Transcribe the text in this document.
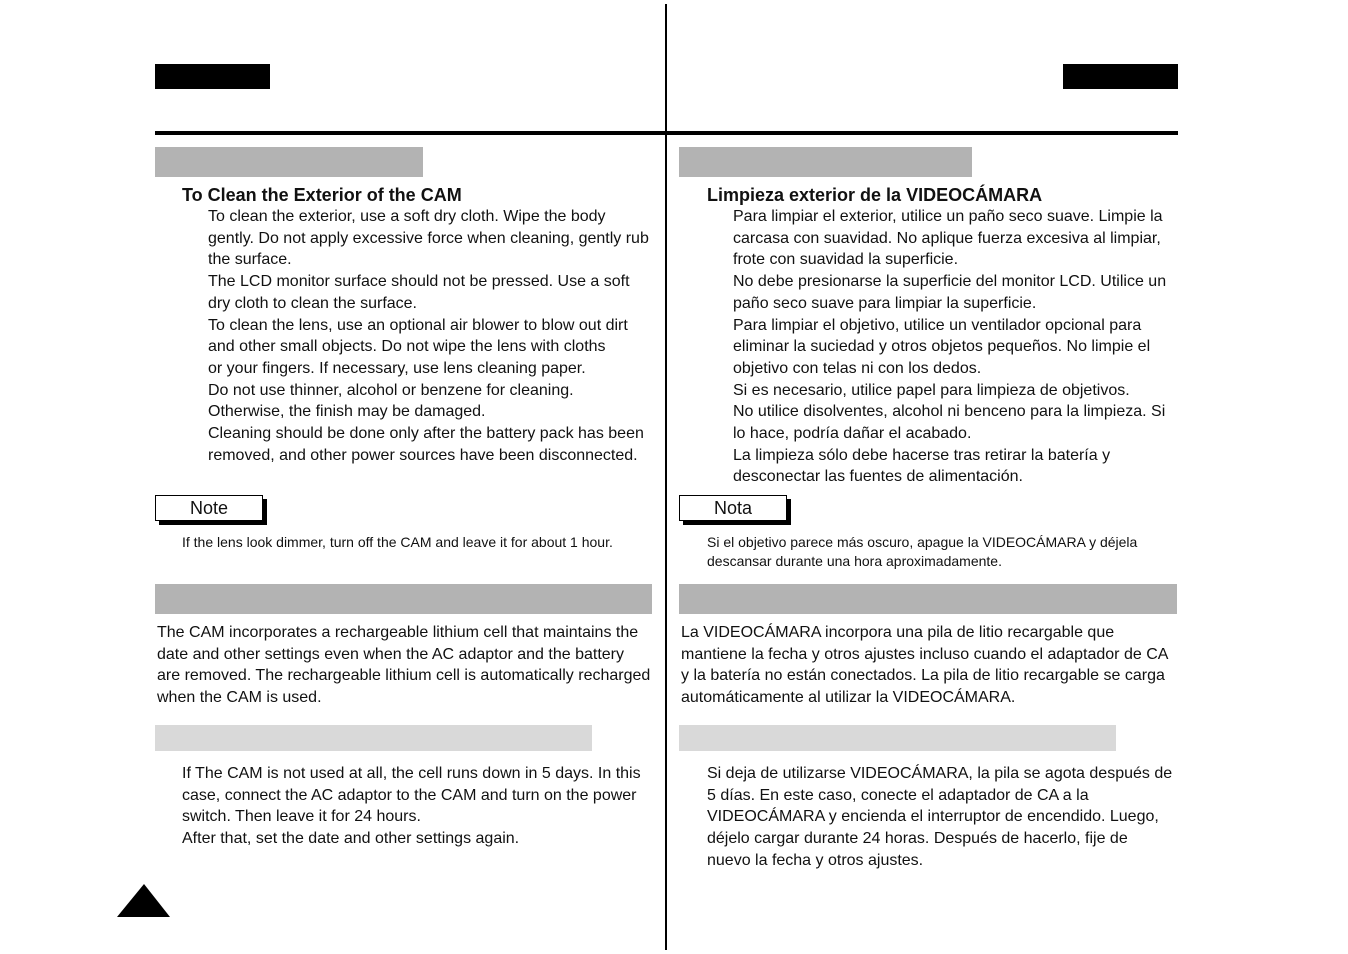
To Clean the Exterior of the CAM
To clean the exterior, use a soft dry cloth. Wipe the body
gently. Do not apply excessive force when cleaning, gently rub
the surface.
The LCD monitor surface should not be pressed. Use a soft
dry cloth to clean the surface.
To clean the lens, use an optional air blower to blow out dirt
and other small objects. Do not wipe the lens with cloths
or your fingers. If necessary, use lens cleaning paper.
Do not use thinner, alcohol or benzene for cleaning.
Otherwise, the finish may be damaged.
Cleaning should be done only after the battery pack has been
removed, and other power sources have been disconnected.
Note
If the lens look dimmer, turn off the CAM and leave it for about 1 hour.
The CAM incorporates a rechargeable lithium cell that maintains the
date and other settings even when the AC adaptor and the battery
are removed. The rechargeable lithium cell is automatically recharged
when the CAM is used.
If The CAM is not used at all, the cell runs down in 5 days. In this
case, connect the AC adaptor to the CAM and turn on the power
switch. Then leave it for 24 hours.
After that, set the date and other settings again.
Limpieza exterior de la VIDEOCÁMARA
Para limpiar el exterior, utilice un paño seco suave. Limpie la
carcasa con suavidad. No aplique fuerza excesiva al limpiar,
frote con suavidad la superficie.
No debe presionarse la superficie del monitor LCD. Utilice un
paño seco suave para limpiar la superficie.
Para limpiar el objetivo, utilice un ventilador opcional para
eliminar la suciedad y otros objetos pequeños. No limpie el
objetivo con telas ni con los dedos.
Si es necesario, utilice papel para limpieza de objetivos.
No utilice disolventes, alcohol ni benceno para la limpieza. Si
lo hace, podría dañar el acabado.
La limpieza sólo debe hacerse tras retirar la batería y
desconectar las fuentes de alimentación.
Nota
Si el objetivo parece más oscuro, apague la VIDEOCÁMARA y déjela
descansar durante una hora aproximadamente.
La VIDEOCÁMARA incorpora una pila de litio recargable que
mantiene la fecha y otros ajustes incluso cuando el adaptador de CA
y la batería no están conectados. La pila de litio recargable se carga
automáticamente al utilizar la VIDEOCÁMARA.
Si deja de utilizarse VIDEOCÁMARA, la pila se agota después de
5 días. En este caso, conecte el adaptador de CA a la
VIDEOCÁMARA y encienda el interruptor de encendido. Luego,
déjelo cargar durante 24 horas. Después de hacerlo, fije de
nuevo la fecha y otros ajustes.
